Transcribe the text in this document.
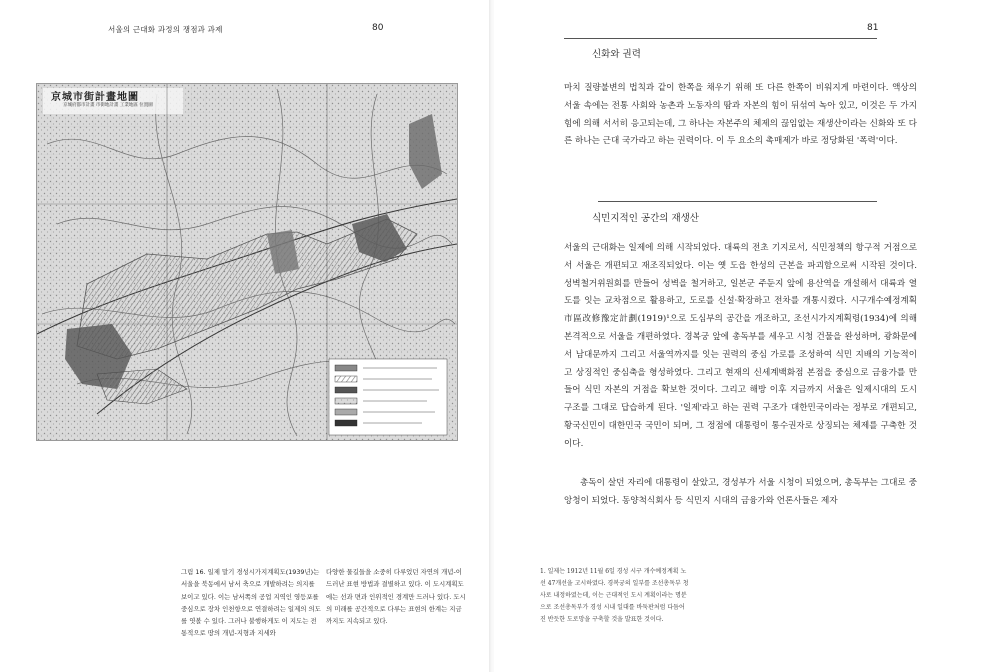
서울의 근대화 과정의 쟁점과 과제	80
京城市街計畫地圖
京城府都市計畫 市街地計畫 工業地區 位置圖

그림 16. 일제 말기 경성시가지계획도(1939년)는 서울을 북동에서 남서 축으로 개발하려는 의지를 보이고 있다. 이는 남서쪽의 공업 지역인 영등포를 중심으로 장차 인천항으로 연결하려는 일제의 의도를 엿볼 수 있다. 그러나 불행하게도 이 지도는 전통적으로 땅의 개념-지형과 지세와

다양한 물길들을 소중히 다루었던 자연의 개념-이 드러난 표현 방법과 결별하고 있다. 이 도시계획도에는 선과 면과 인위적인 경계만 드러나 있다. 도시의 미래를 공간적으로 다루는 표현의 한계는 지금까지도 지속되고 있다.

81
신화와 권력

마치 질량불변의 법칙과 같이 한쪽을 채우기 위해 또 다른 한쪽이 비워지게 마련이다. 액상의 서울 속에는 전통 사회와 농촌과 노동자의 땀과 자본의 힘이 뒤섞여 녹아 있고, 이것은 두 가지 힘에 의해 서서히 응고되는데, 그 하나는 자본주의 체제의 끊임없는 재생산이라는 신화와 또 다른 하나는 근대 국가라고 하는 권력이다. 이 두 요소의 촉매제가 바로 정당화된 '폭력'이다.

식민지적인 공간의 재생산

서울의 근대화는 일제에 의해 시작되었다. 대륙의 전초 기지로서, 식민정책의 항구적 거점으로서 서울은 개편되고 재조직되었다. 이는 옛 도읍 한성의 근본을 파괴함으로써 시작된 것이다. 성벽철거위원회를 만들어 성벽을 철거하고, 일본군 주둔지 앞에 용산역을 개설해서 대륙과 열도를 잇는 교차점으로 활용하고, 도로를 신설·확장하고 전차를 개통시켰다. 시구개수예정계획市區改修豫定計劃(1919)¹으로 도심부의 공간을 개조하고, 조선시가지계획령(1934)에 의해 본격적으로 서울을 개편하였다. 경복궁 앞에 총독부를 세우고 시청 건물을 완성하며, 광화문에서 남대문까지 그리고 서울역까지를 잇는 권력의 중심 가로를 조성하여 식민 지배의 기능적이고 상징적인 중심축을 형성하였다. 그리고 현재의 신세계백화점 본점을 중심으로 금융가를 만들어 식민 자본의 거점을 확보한 것이다. 그리고 해방 이후 지금까지 서울은 일제시대의 도시 구조를 그대로 답습하게 된다. '일제'라고 하는 권력 구조가 대한민국이라는 정부로 개편되고, 황국신민이 대한민국 국민이 되며, 그 정점에 대통령이 통수권자로 상징되는 체제를 구축한 것이다.

총독이 살던 자리에 대통령이 살았고, 경성부가 서울 시청이 되었으며, 총독부는 그대로 중앙청이 되었다. 동양척식회사 등 식민지 시대의 금융가와 언론사들은 제자

1. 일제는 1912년 11월 6일 경성 시구 개수예정계획 노선 47개선을 고시하였다. 경복궁의 일부를 조선총독부 청사로 내정하였는데, 이는 근대적인 도시 계획이라는 명분으로 조선총독부가 경성 시내 일대를 바둑판처럼 다듬어진 반듯한 도로망을 구축할 것을 발표한 것이다.
